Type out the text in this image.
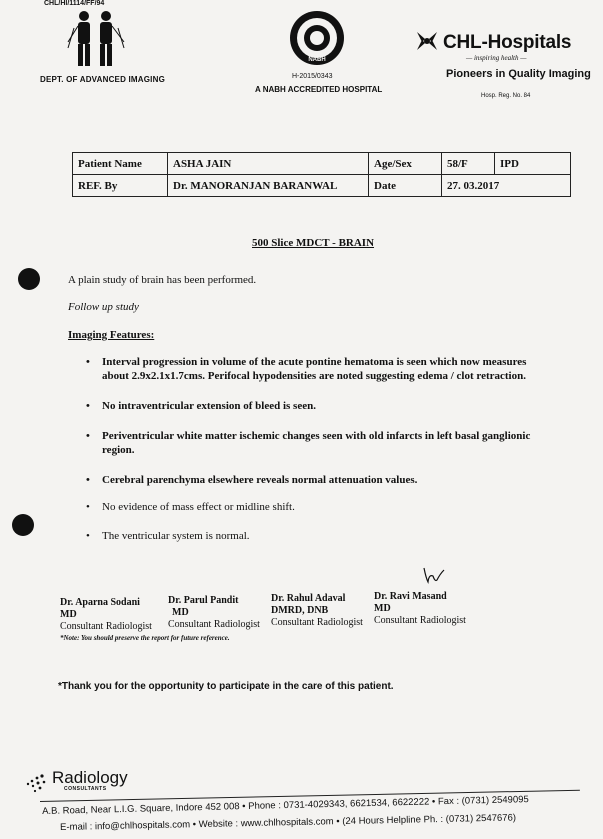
CHL/HI/1114/FF/94
DEPT. OF ADVANCED IMAGING
NABH
H-2015/0343
A NABH ACCREDITED HOSPITAL
CHL-Hospitals
— inspiring health —
Pioneers in Quality Imaging
Hosp. Reg. No. 84
Patient Name	ASHA JAIN	Age/Sex	58/F	IPD
REF. By	Dr. MANORANJAN BARANWAL	Date	27. 03.2017	
500 Slice MDCT - BRAIN
A plain study of brain has been performed.
Follow up study
Imaging Features:
• Interval progression in volume of the acute pontine hematoma is seen which now measures about 2.9x2.1x1.7cms. Perifocal hypodensities are noted suggesting edema / clot retraction.
• No intraventricular extension of bleed is seen.
• Periventricular white matter ischemic changes seen with old infarcts in left basal ganglionic region.
• Cerebral parenchyma elsewhere reveals normal attenuation values.
• No evidence of mass effect or midline shift.
• The ventricular system is normal.
Dr. Aparna Sodani
MD
Consultant Radiologist
Dr. Parul Pandit
MD
Consultant Radiologist
Dr. Rahul Adaval
DMRD, DNB
Consultant Radiologist
Dr. Ravi Masand
MD
Consultant Radiologist
*Note: You should preserve the report for future reference.
*Thank you for the opportunity to participate in the care of this patient.
Radiology
CONSULTANTS
A.B. Road, Near L.I.G. Square, Indore 452 008 • Phone : 0731-4029343, 6621534, 6622222 • Fax : (0731) 2549095
E-mail : info@chlhospitals.com • Website : www.chlhospitals.com • (24 Hours Helpline Ph. : (0731) 2547676)
